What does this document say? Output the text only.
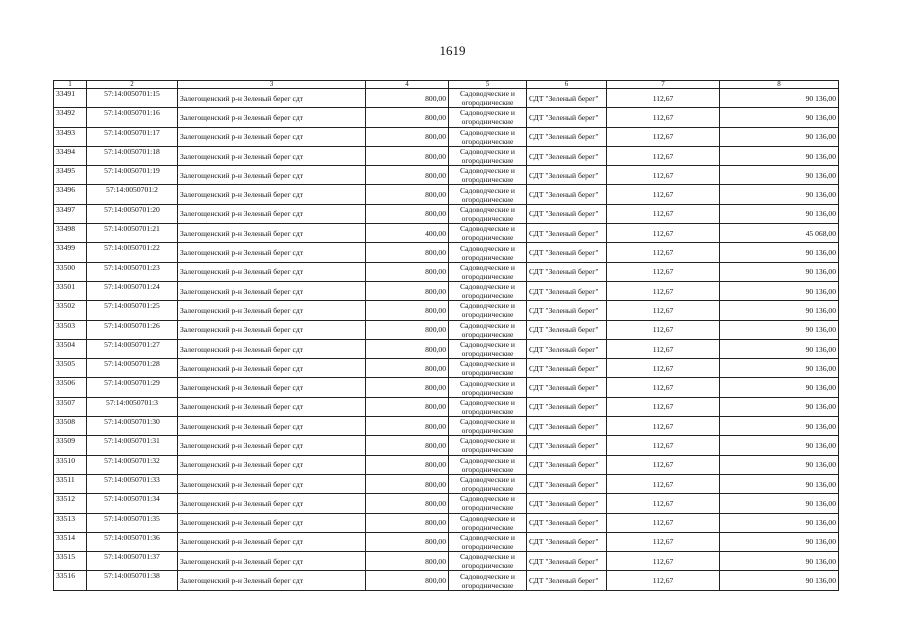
1619
1	2	3	4	5	6	7	8
33491	57:14:0050701:15	Залегощенский р-н Зеленый берег сдт	800,00	Садоводческие и
огороднические	СДТ "Зеленый берег"	112,67	90 136,00
33492	57:14:0050701:16	Залегощенский р-н Зеленый берег сдт	800,00	Садоводческие и
огороднические	СДТ "Зеленый берег"	112,67	90 136,00
33493	57:14:0050701:17	Залегощенский р-н Зеленый берег сдт	800,00	Садоводческие и
огороднические	СДТ "Зеленый берег"	112,67	90 136,00
33494	57:14:0050701:18	Залегощенский р-н Зеленый берег сдт	800,00	Садоводческие и
огороднические	СДТ "Зеленый берег"	112,67	90 136,00
33495	57:14:0050701:19	Залегощенский р-н Зеленый берег сдт	800,00	Садоводческие и
огороднические	СДТ "Зеленый берег"	112,67	90 136,00
33496	57:14:0050701:2	Залегощенский р-н Зеленый берег сдт	800,00	Садоводческие и
огороднические	СДТ "Зеленый берег"	112,67	90 136,00
33497	57:14:0050701:20	Залегощенский р-н Зеленый берег сдт	800,00	Садоводческие и
огороднические	СДТ "Зеленый берег"	112,67	90 136,00
33498	57:14:0050701:21	Залегощенский р-н Зеленый берег сдт	400,00	Садоводческие и
огороднические	СДТ "Зеленый берег"	112,67	45 068,00
33499	57:14:0050701:22	Залегощенский р-н Зеленый берег сдт	800,00	Садоводческие и
огороднические	СДТ "Зеленый берег"	112,67	90 136,00
33500	57:14:0050701:23	Залегощенский р-н Зеленый берег сдт	800,00	Садоводческие и
огороднические	СДТ "Зеленый берег"	112,67	90 136,00
33501	57:14:0050701:24	Залегощенский р-н Зеленый берег сдт	800,00	Садоводческие и
огороднические	СДТ "Зеленый берег"	112,67	90 136,00
33502	57:14:0050701:25	Залегощенский р-н Зеленый берег сдт	800,00	Садоводческие и
огороднические	СДТ "Зеленый берег"	112,67	90 136,00
33503	57:14:0050701:26	Залегощенский р-н Зеленый берег сдт	800,00	Садоводческие и
огороднические	СДТ "Зеленый берег"	112,67	90 136,00
33504	57:14:0050701:27	Залегощенский р-н Зеленый берег сдт	800,00	Садоводческие и
огороднические	СДТ "Зеленый берег"	112,67	90 136,00
33505	57:14:0050701:28	Залегощенский р-н Зеленый берег сдт	800,00	Садоводческие и
огороднические	СДТ "Зеленый берег"	112,67	90 136,00
33506	57:14:0050701:29	Залегощенский р-н Зеленый берег сдт	800,00	Садоводческие и
огороднические	СДТ "Зеленый берег"	112,67	90 136,00
33507	57:14:0050701:3	Залегощенский р-н Зеленый берег сдт	800,00	Садоводческие и
огороднические	СДТ "Зеленый берег"	112,67	90 136,00
33508	57:14:0050701:30	Залегощенский р-н Зеленый берег сдт	800,00	Садоводческие и
огороднические	СДТ "Зеленый берег"	112,67	90 136,00
33509	57:14:0050701:31	Залегощенский р-н Зеленый берег сдт	800,00	Садоводческие и
огороднические	СДТ "Зеленый берег"	112,67	90 136,00
33510	57:14:0050701:32	Залегощенский р-н Зеленый берег сдт	800,00	Садоводческие и
огороднические	СДТ "Зеленый берег"	112,67	90 136,00
33511	57:14:0050701:33	Залегощенский р-н Зеленый берег сдт	800,00	Садоводческие и
огороднические	СДТ "Зеленый берег"	112,67	90 136,00
33512	57:14:0050701:34	Залегощенский р-н Зеленый берег сдт	800,00	Садоводческие и
огороднические	СДТ "Зеленый берег"	112,67	90 136,00
33513	57:14:0050701:35	Залегощенский р-н Зеленый берег сдт	800,00	Садоводческие и
огороднические	СДТ "Зеленый берег"	112,67	90 136,00
33514	57:14:0050701:36	Залегощенский р-н Зеленый берег сдт	800,00	Садоводческие и
огороднические	СДТ "Зеленый берег"	112,67	90 136,00
33515	57:14:0050701:37	Залегощенский р-н Зеленый берег сдт	800,00	Садоводческие и
огороднические	СДТ "Зеленый берег"	112,67	90 136,00
33516	57:14:0050701:38	Залегощенский р-н Зеленый берег сдт	800,00	Садоводческие и
огороднические	СДТ "Зеленый берег"	112,67	90 136,00
